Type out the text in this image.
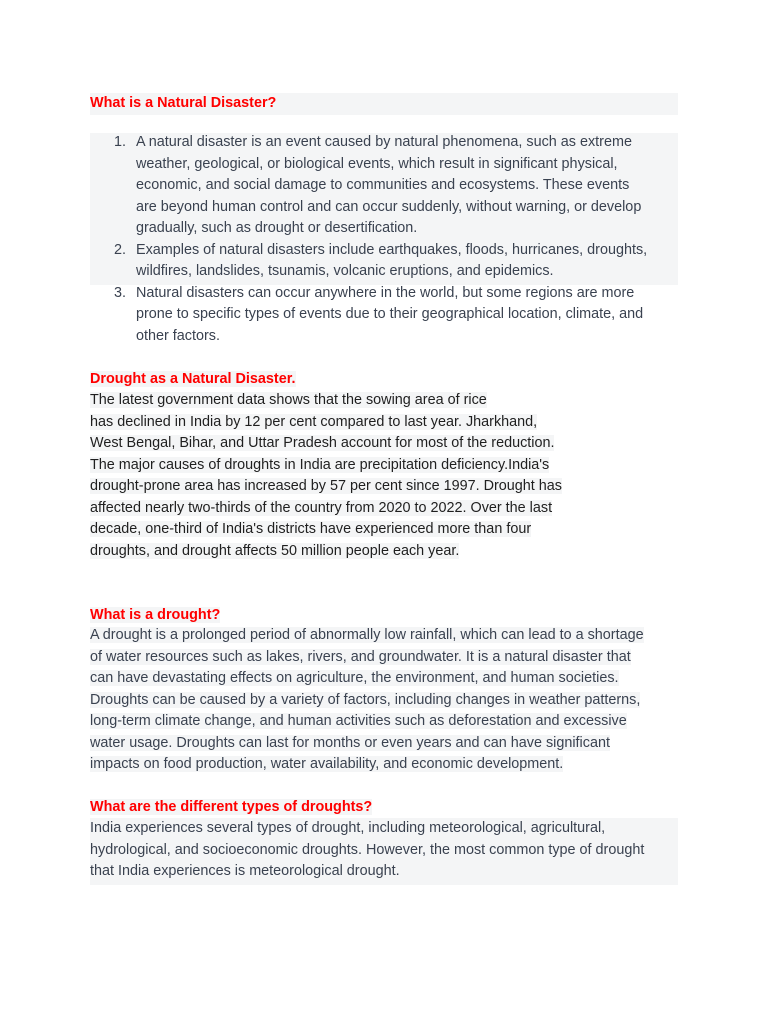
What is a Natural Disaster?
1. A natural disaster is an event caused by natural phenomena, such as extreme
weather, geological, or biological events, which result in significant physical,
economic, and social damage to communities and ecosystems. These events
are beyond human control and can occur suddenly, without warning, or develop
gradually, such as drought or desertification.
2. Examples of natural disasters include earthquakes, floods, hurricanes, droughts,
wildfires, landslides, tsunamis, volcanic eruptions, and epidemics.
3. Natural disasters can occur anywhere in the world, but some regions are more
prone to specific types of events due to their geographical location, climate, and
other factors.
Drought as a Natural Disaster.
The latest government data shows that the sowing area of rice
has declined in India by 12 per cent compared to last year. Jharkhand,
West Bengal, Bihar, and Uttar Pradesh account for most of the reduction.
The major causes of droughts in India are precipitation deficiency.India's
drought-prone area has increased by 57 per cent since 1997. Drought has
affected nearly two-thirds of the country from 2020 to 2022. Over the last
decade, one-third of India's districts have experienced more than four
droughts, and drought affects 50 million people each year.
What is a drought?
A drought is a prolonged period of abnormally low rainfall, which can lead to a shortage
of water resources such as lakes, rivers, and groundwater. It is a natural disaster that
can have devastating effects on agriculture, the environment, and human societies.
Droughts can be caused by a variety of factors, including changes in weather patterns,
long-term climate change, and human activities such as deforestation and excessive
water usage. Droughts can last for months or even years and can have significant
impacts on food production, water availability, and economic development.
What are the different types of droughts?
India experiences several types of drought, including meteorological, agricultural,
hydrological, and socioeconomic droughts. However, the most common type of drought
that India experiences is meteorological drought.
